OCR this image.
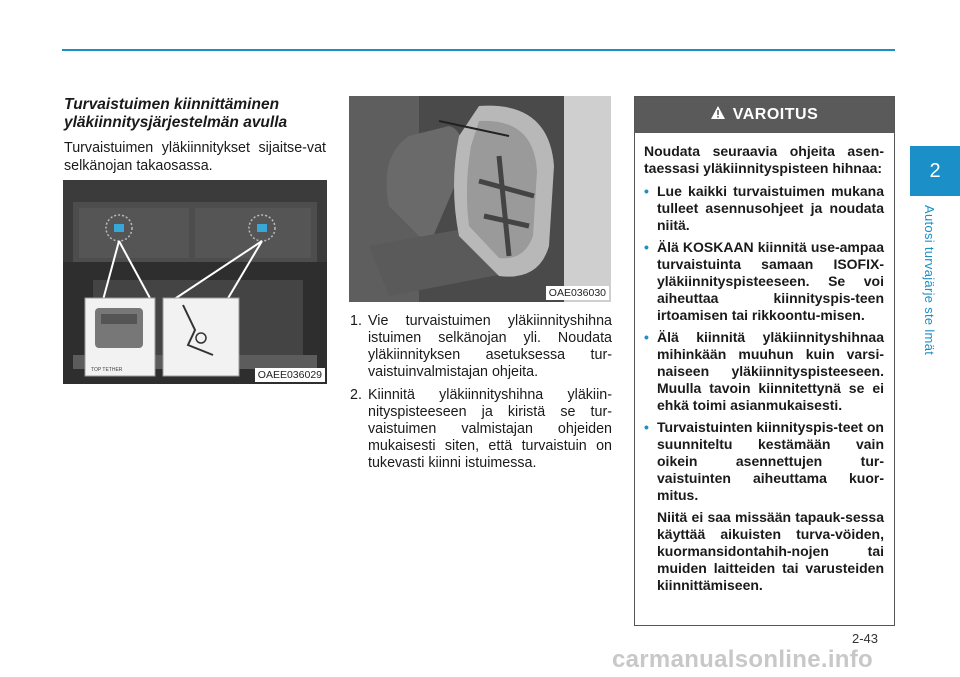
Turvaistuimen kiinnittäminen yläkiinnitysjärjestelmän avulla
Turvaistuimen yläkiinnitykset sijaitse-vat selkänojan takaosassa.
TOP TETHER	OAEE036029
OAE036030
1. Vie turvaistuimen yläkiinnityshihna istuimen selkänojan yli. Noudata yläkiinnityksen asetuksessa tur-vaistuinvalmistajan ohjeita.
2. Kiinnitä yläkiinnityshihna yläkiin-nityspisteeseen ja kiristä se tur-vaistuimen valmistajan ohjeiden mukaisesti siten, että turvaistuin on tukevasti kiinni istuimessa.
VAROITUS

Noudata seuraavia ohjeita asen-taessasi yläkiinnityspisteen hihnaa:

• Lue kaikki turvaistuimen mukana tulleet asennusohjeet ja noudata niitä.
• Älä KOSKAAN kiinnitä use-ampaa turvaistuinta samaan ISOFIX-yläkiinnityspisteeseen. Se voi aiheuttaa kiinnityspis-teen irtoamisen tai rikkoontu-misen.
• Älä kiinnitä yläkiinnityshihnaa mihinkään muuhun kuin varsi-naiseen yläkiinnityspisteeseen. Muulla tavoin kiinnitettynä se ei ehkä toimi asianmukaisesti.
• Turvaistuinten kiinnityspis-teet on suunniteltu kestämään vain oikein asennettujen tur-vaistuinten aiheuttama kuor-mitus.

Niitä ei saa missään tapauk-sessa käyttää aikuisten turva-vöiden, kuormansidontahih-nojen tai muiden laitteiden tai varusteiden kiinnittämiseen.

2
Autosi turvajärje ste lmät
2-43
carmanualsonline.info
